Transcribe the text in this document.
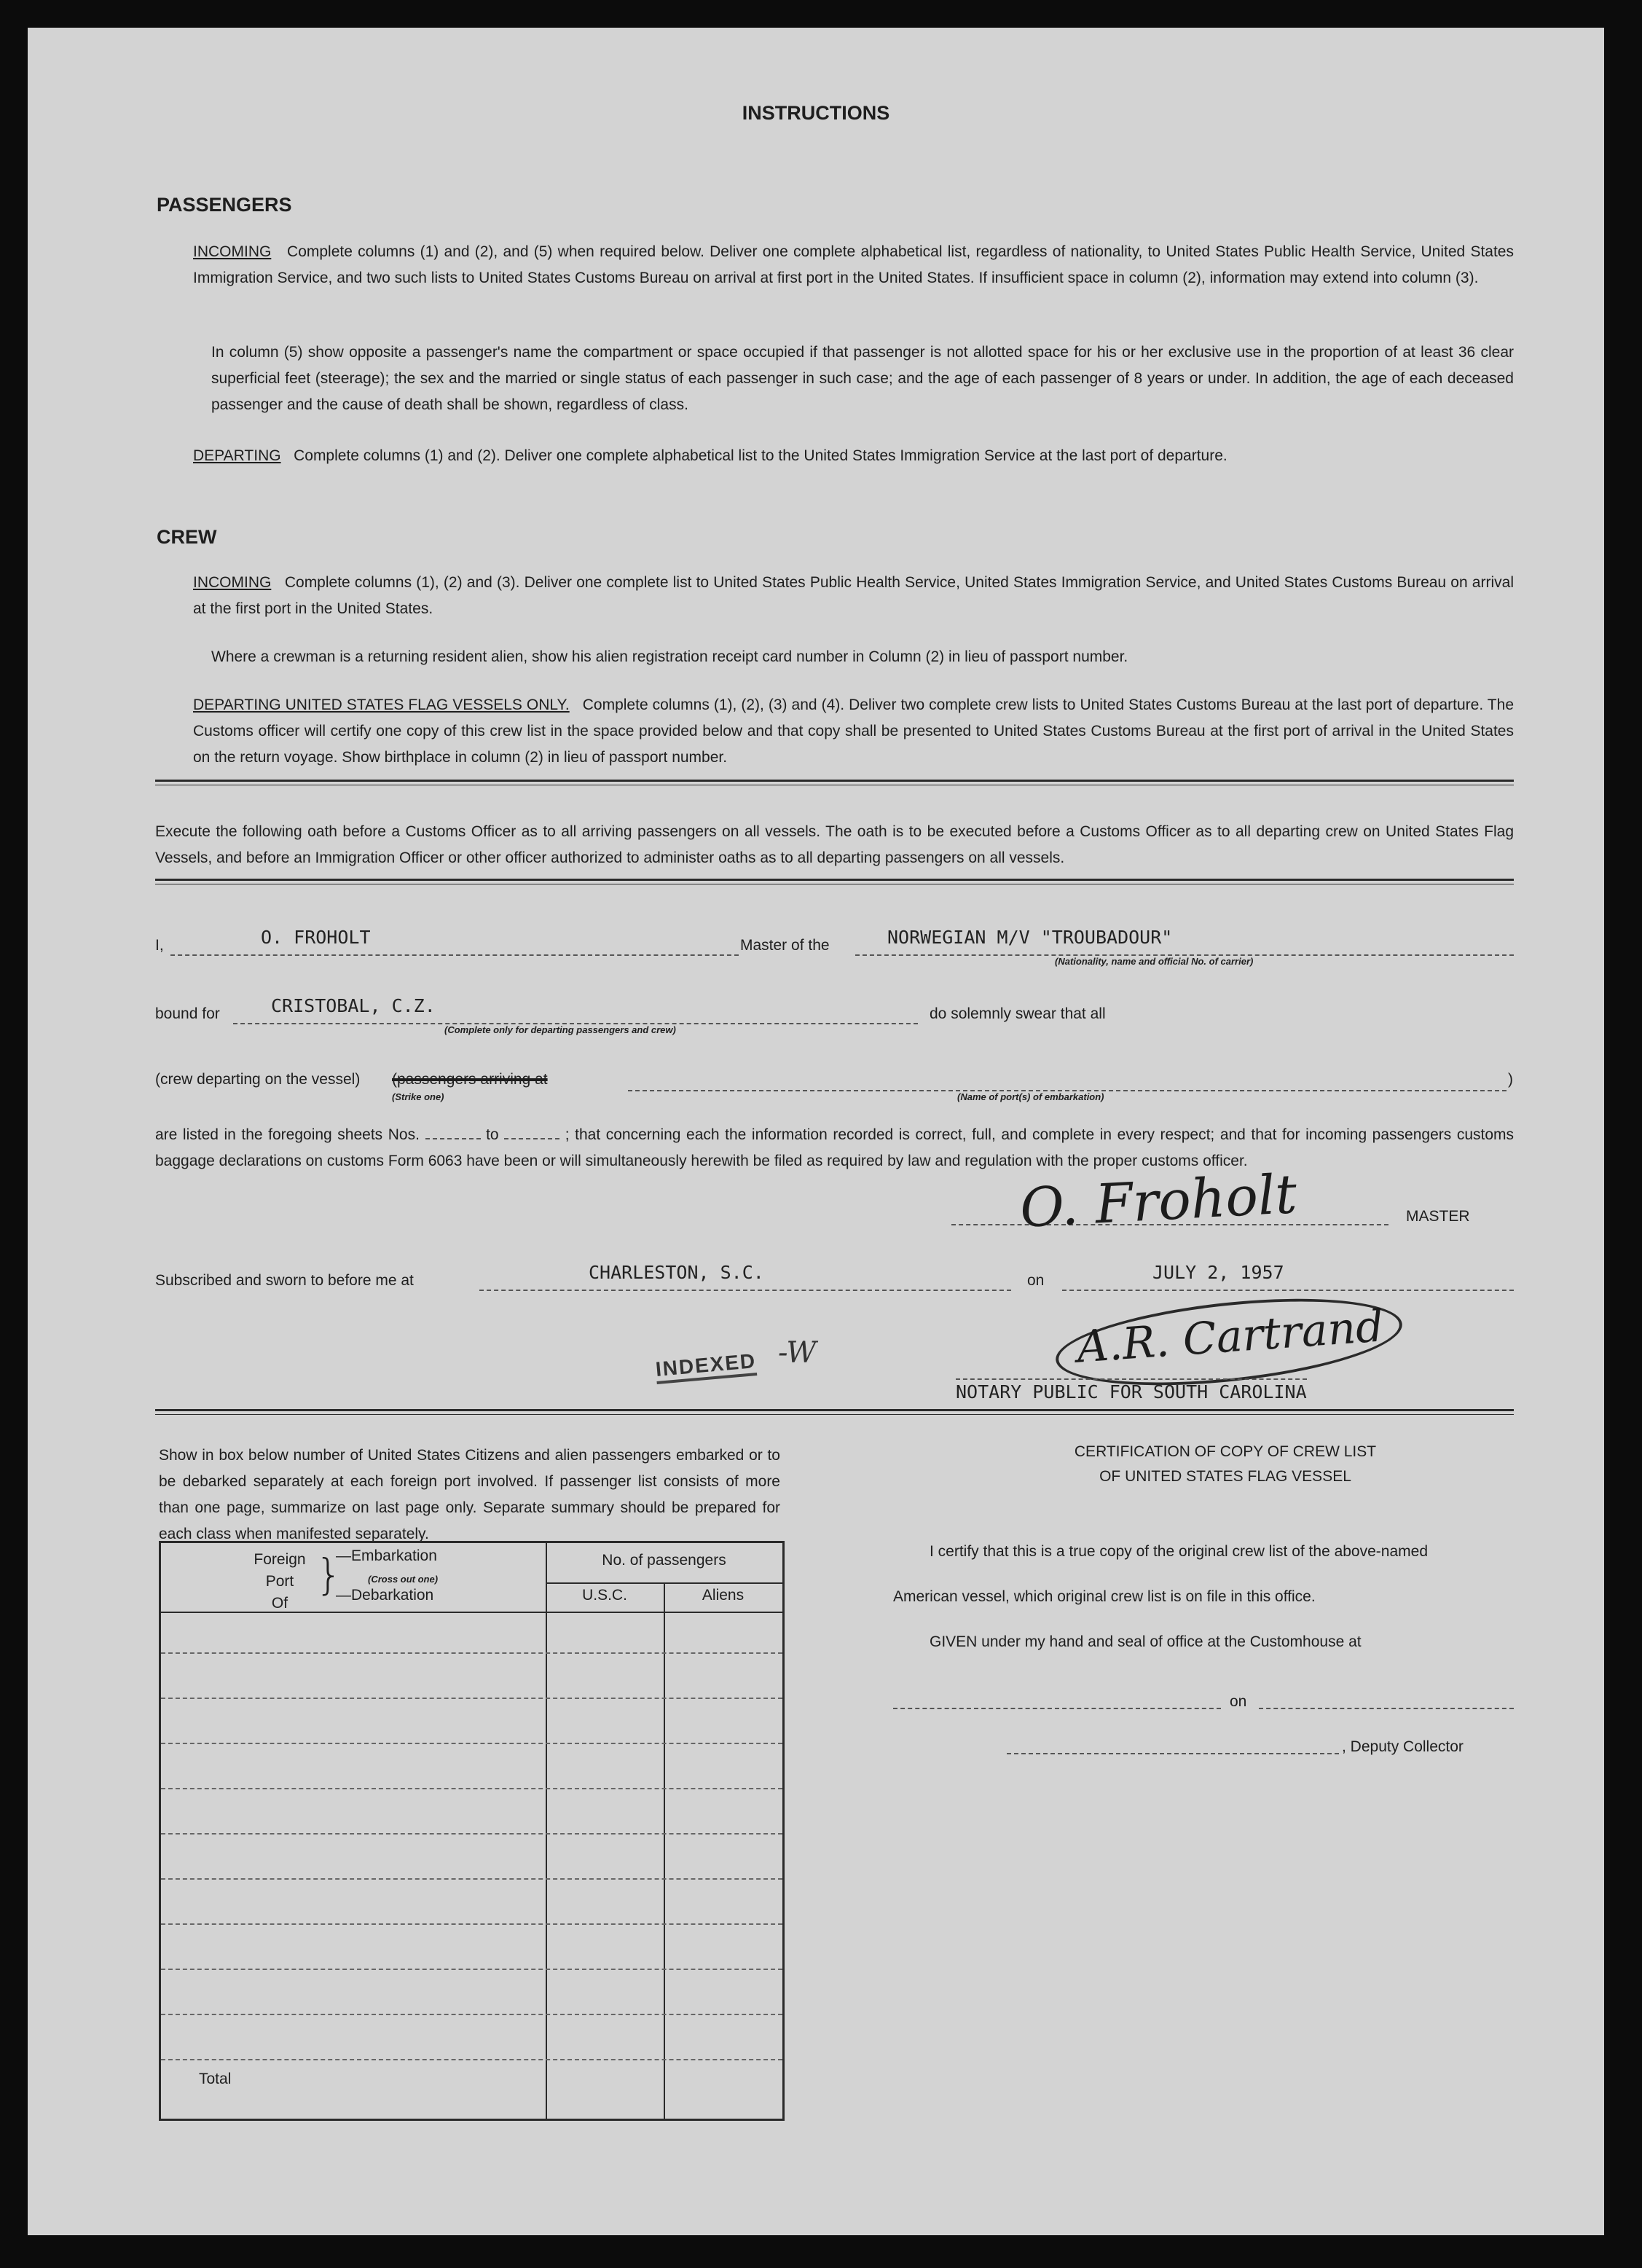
INSTRUCTIONS
PASSENGERS
INCOMING Complete columns (1) and (2), and (5) when required below. Deliver one complete alphabetical list, regardless of nationality, to United States Public Health Service, United States Immigration Service, and two such lists to United States Customs Bureau on arrival at first port in the United States. If insufficient space in column (2), information may extend into column (3).
In column (5) show opposite a passenger's name the compartment or space occupied if that passenger is not allotted space for his or her exclusive use in the proportion of at least 36 clear superficial feet (steerage); the sex and the married or single status of each passenger in such case; and the age of each passenger of 8 years or under. In addition, the age of each deceased passenger and the cause of death shall be shown, regardless of class.
DEPARTING Complete columns (1) and (2). Deliver one complete alphabetical list to the United States Immigration Service at the last port of departure.
CREW
INCOMING Complete columns (1), (2) and (3). Deliver one complete list to United States Public Health Service, United States Immigration Service, and United States Customs Bureau on arrival at the first port in the United States.
Where a crewman is a returning resident alien, show his alien registration receipt card number in Column (2) in lieu of passport number.
DEPARTING UNITED STATES FLAG VESSELS ONLY. Complete columns (1), (2), (3) and (4). Deliver two complete crew lists to United States Customs Bureau at the last port of departure. The Customs officer will certify one copy of this crew list in the space provided below and that copy shall be presented to United States Customs Bureau at the first port of arrival in the United States on the return voyage. Show birthplace in column (2) in lieu of passport number.
Execute the following oath before a Customs Officer as to all arriving passengers on all vessels. The oath is to be executed before a Customs Officer as to all departing crew on United States Flag Vessels, and before an Immigration Officer or other officer authorized to administer oaths as to all departing passengers on all vessels.
I,	O. FROHOLT	Master of the	NORWEGIAN M/V "TROUBADOUR"
(Nationality, name and official No. of carrier)
bound for	CRISTOBAL, C.Z.
(Complete only for departing passengers and crew)
do solemnly swear that all
(crew departing on the vessel) (passengers arriving at	)
(Strike one)	(Name of port(s) of embarkation)
are listed in the foregoing sheets Nos.	to	; that concerning each the information recorded is correct, full, and complete in every respect; and that for incoming passengers customs baggage declarations on customs Form 6063 have been or will simultaneously herewith be filed as required by law and regulation with the proper customs officer.
O. Froholt	MASTER
Subscribed and sworn to before me at	CHARLESTON, S.C.	on	JULY 2, 1957
INDEXED -W	A.R. Cartrand
NOTARY PUBLIC FOR SOUTH CAROLINA
Show in box below number of United States Citizens and alien passengers embarked or to be debarked separately at each foreign port involved. If passenger list consists of more than one page, summarize on last page only. Separate summary should be prepared for each class when manifested separately.
Foreign
Port
Of
}
—Embarkation
(Cross out one)
—Debarkation
No. of passengers
U.S.C.	Aliens
Total
CERTIFICATION OF COPY OF CREW LIST
OF UNITED STATES FLAG VESSEL
I certify that this is a true copy of the original crew list of the above-named
American vessel, which original crew list is on file in this office.
GIVEN under my hand and seal of office at the Customhouse at
on
, Deputy Collector
